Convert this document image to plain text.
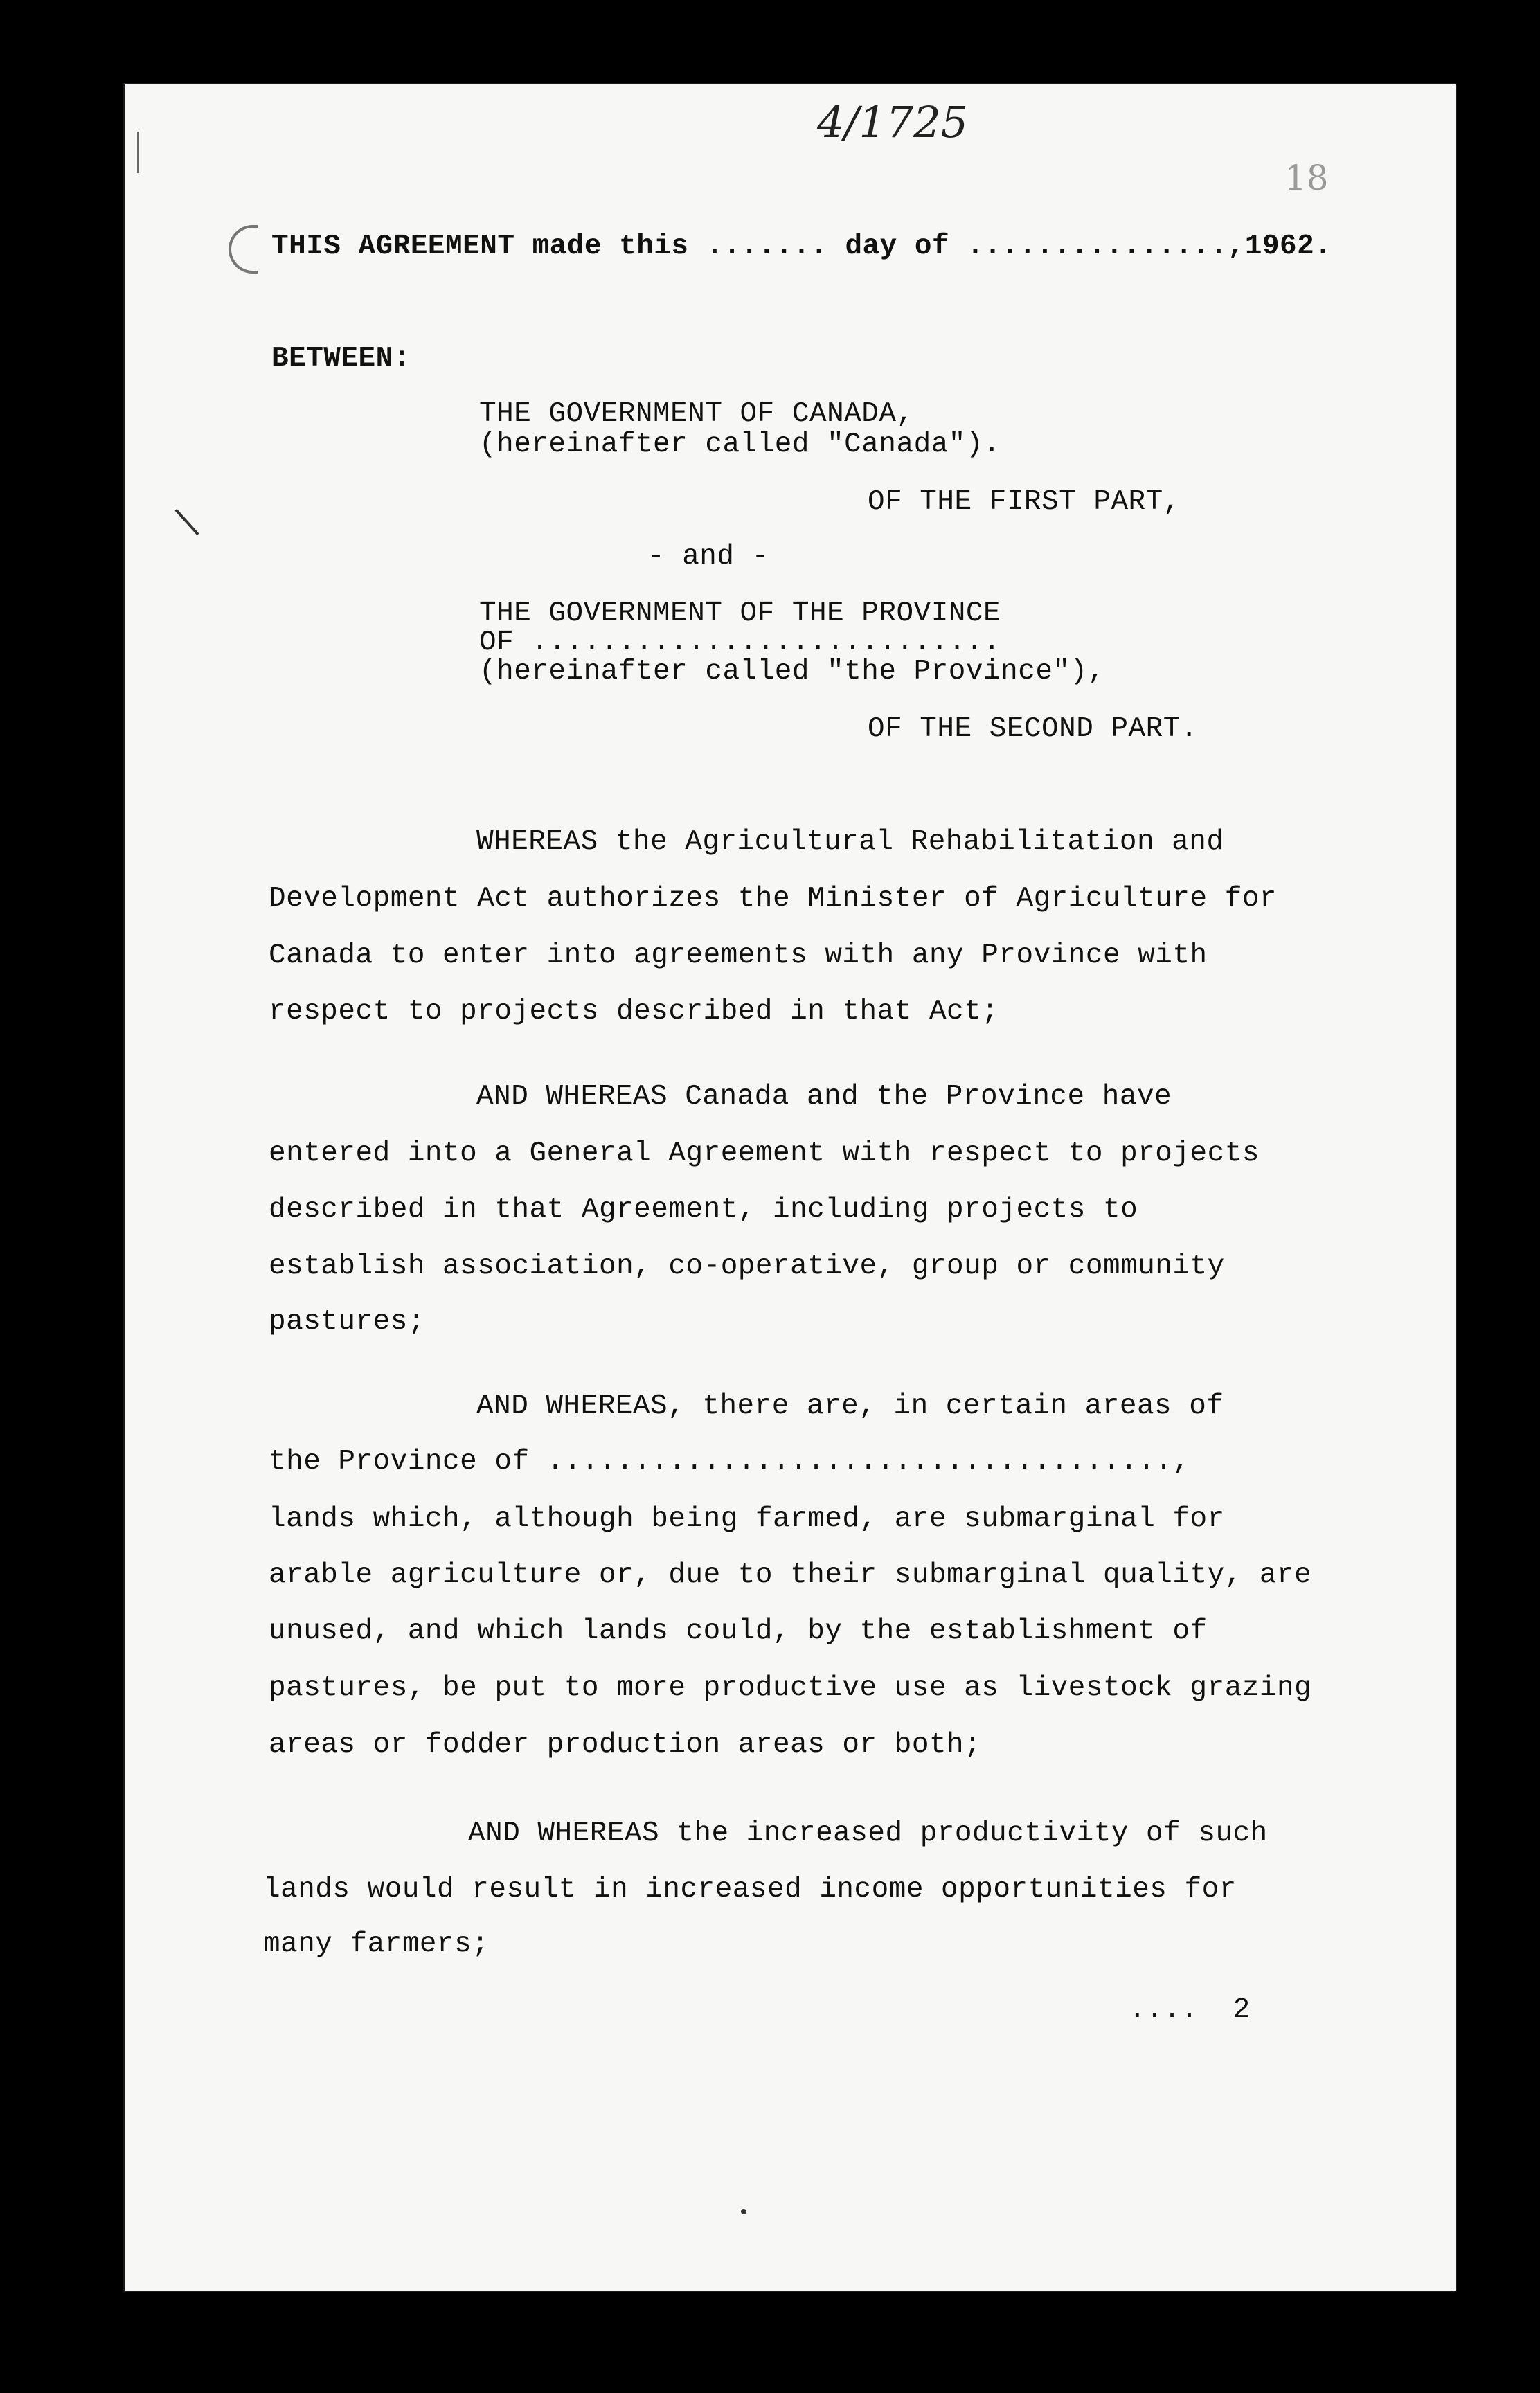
4/1725
18
THIS AGREEMENT made this ....... day of ...............,1962.
BETWEEN:
THE GOVERNMENT OF CANADA,
(hereinafter called "Canada").
OF THE FIRST PART,
- and -
THE GOVERNMENT OF THE PROVINCE
OF ...........................
(hereinafter called "the Province"),
OF THE SECOND PART.
WHEREAS the Agricultural Rehabilitation and
Development Act authorizes the Minister of Agriculture for
Canada to enter into agreements with any Province with
respect to projects described in that Act;
AND WHEREAS Canada and the Province have
entered into a General Agreement with respect to projects
described in that Agreement, including projects to
establish association, co-operative, group or community
pastures;
AND WHEREAS, there are, in certain areas of
the Province of ....................................,
lands which, although being farmed, are submarginal for
arable agriculture or, due to their submarginal quality, are
unused, and which lands could, by the establishment of
pastures, be put to more productive use as livestock grazing
areas or fodder production areas or both;
AND WHEREAS the increased productivity of such
lands would result in increased income opportunities for
many farmers;
....  2
